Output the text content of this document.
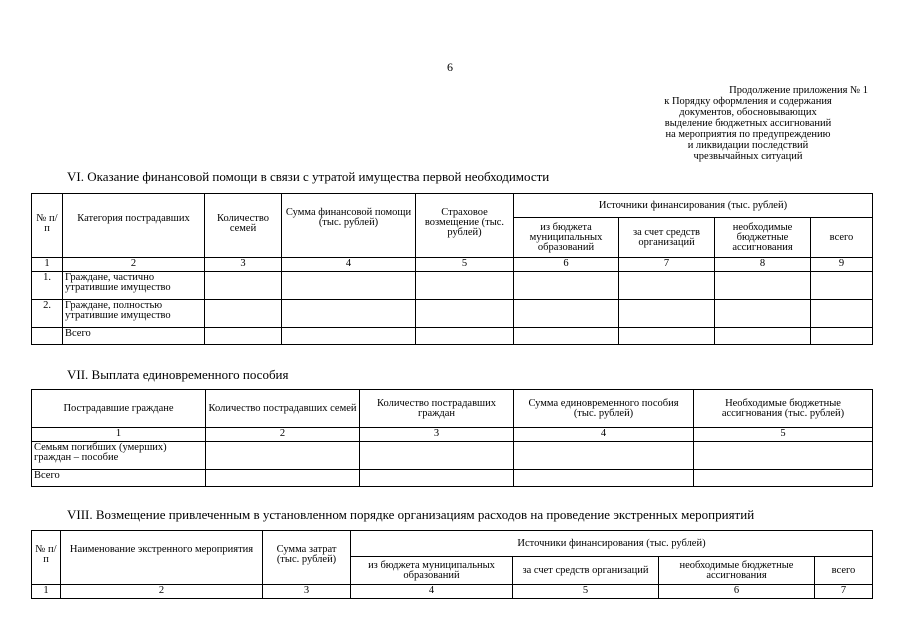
6
Продолжение приложения № 1
к Порядку оформления и содержания
документов, обосновывающих
выделение бюджетных ассигнований
на мероприятия по предупреждению
и ликвидации последствий
чрезвычайных ситуаций
VI. Оказание финансовой помощи в связи с утратой имущества первой необходимости
№ п/п	Категория пострадавших	Количество семей	Сумма финансовой помощи (тыс. рублей)	Страховое возмещение (тыс. рублей)	Источники финансирования (тыс. рублей)			
					из бюджета муниципальных образований	за счет средств организаций	необходимые бюджетные ассигнования	всего
1	2	3	4	5	6	7	8	9
1.	Граждане, частично утратившие имущество							
2.	Граждане, полностью утратившие имущество							
	Всего							
VII. Выплата единовременного пособия
Пострадавшие граждане	Количество пострадавших семей	Количество пострадавших граждан	Сумма единовременного пособия (тыс. рублей)	Необходимые бюджетные ассигнования (тыс. рублей)
1	2	3	4	5
Семьям погибших (умерших) граждан – пособие				
Всего				
VIII. Возмещение привлеченным в установленном порядке организациям расходов на проведение экстренных мероприятий
№ п/п	Наименование экстренного мероприятия	Сумма затрат (тыс. рублей)	Источники финансирования (тыс. рублей)			
			из бюджета муниципальных образований	за счет средств организаций	необходимые бюджетные ассигнования	всего
1	2	3	4	5	6	7
